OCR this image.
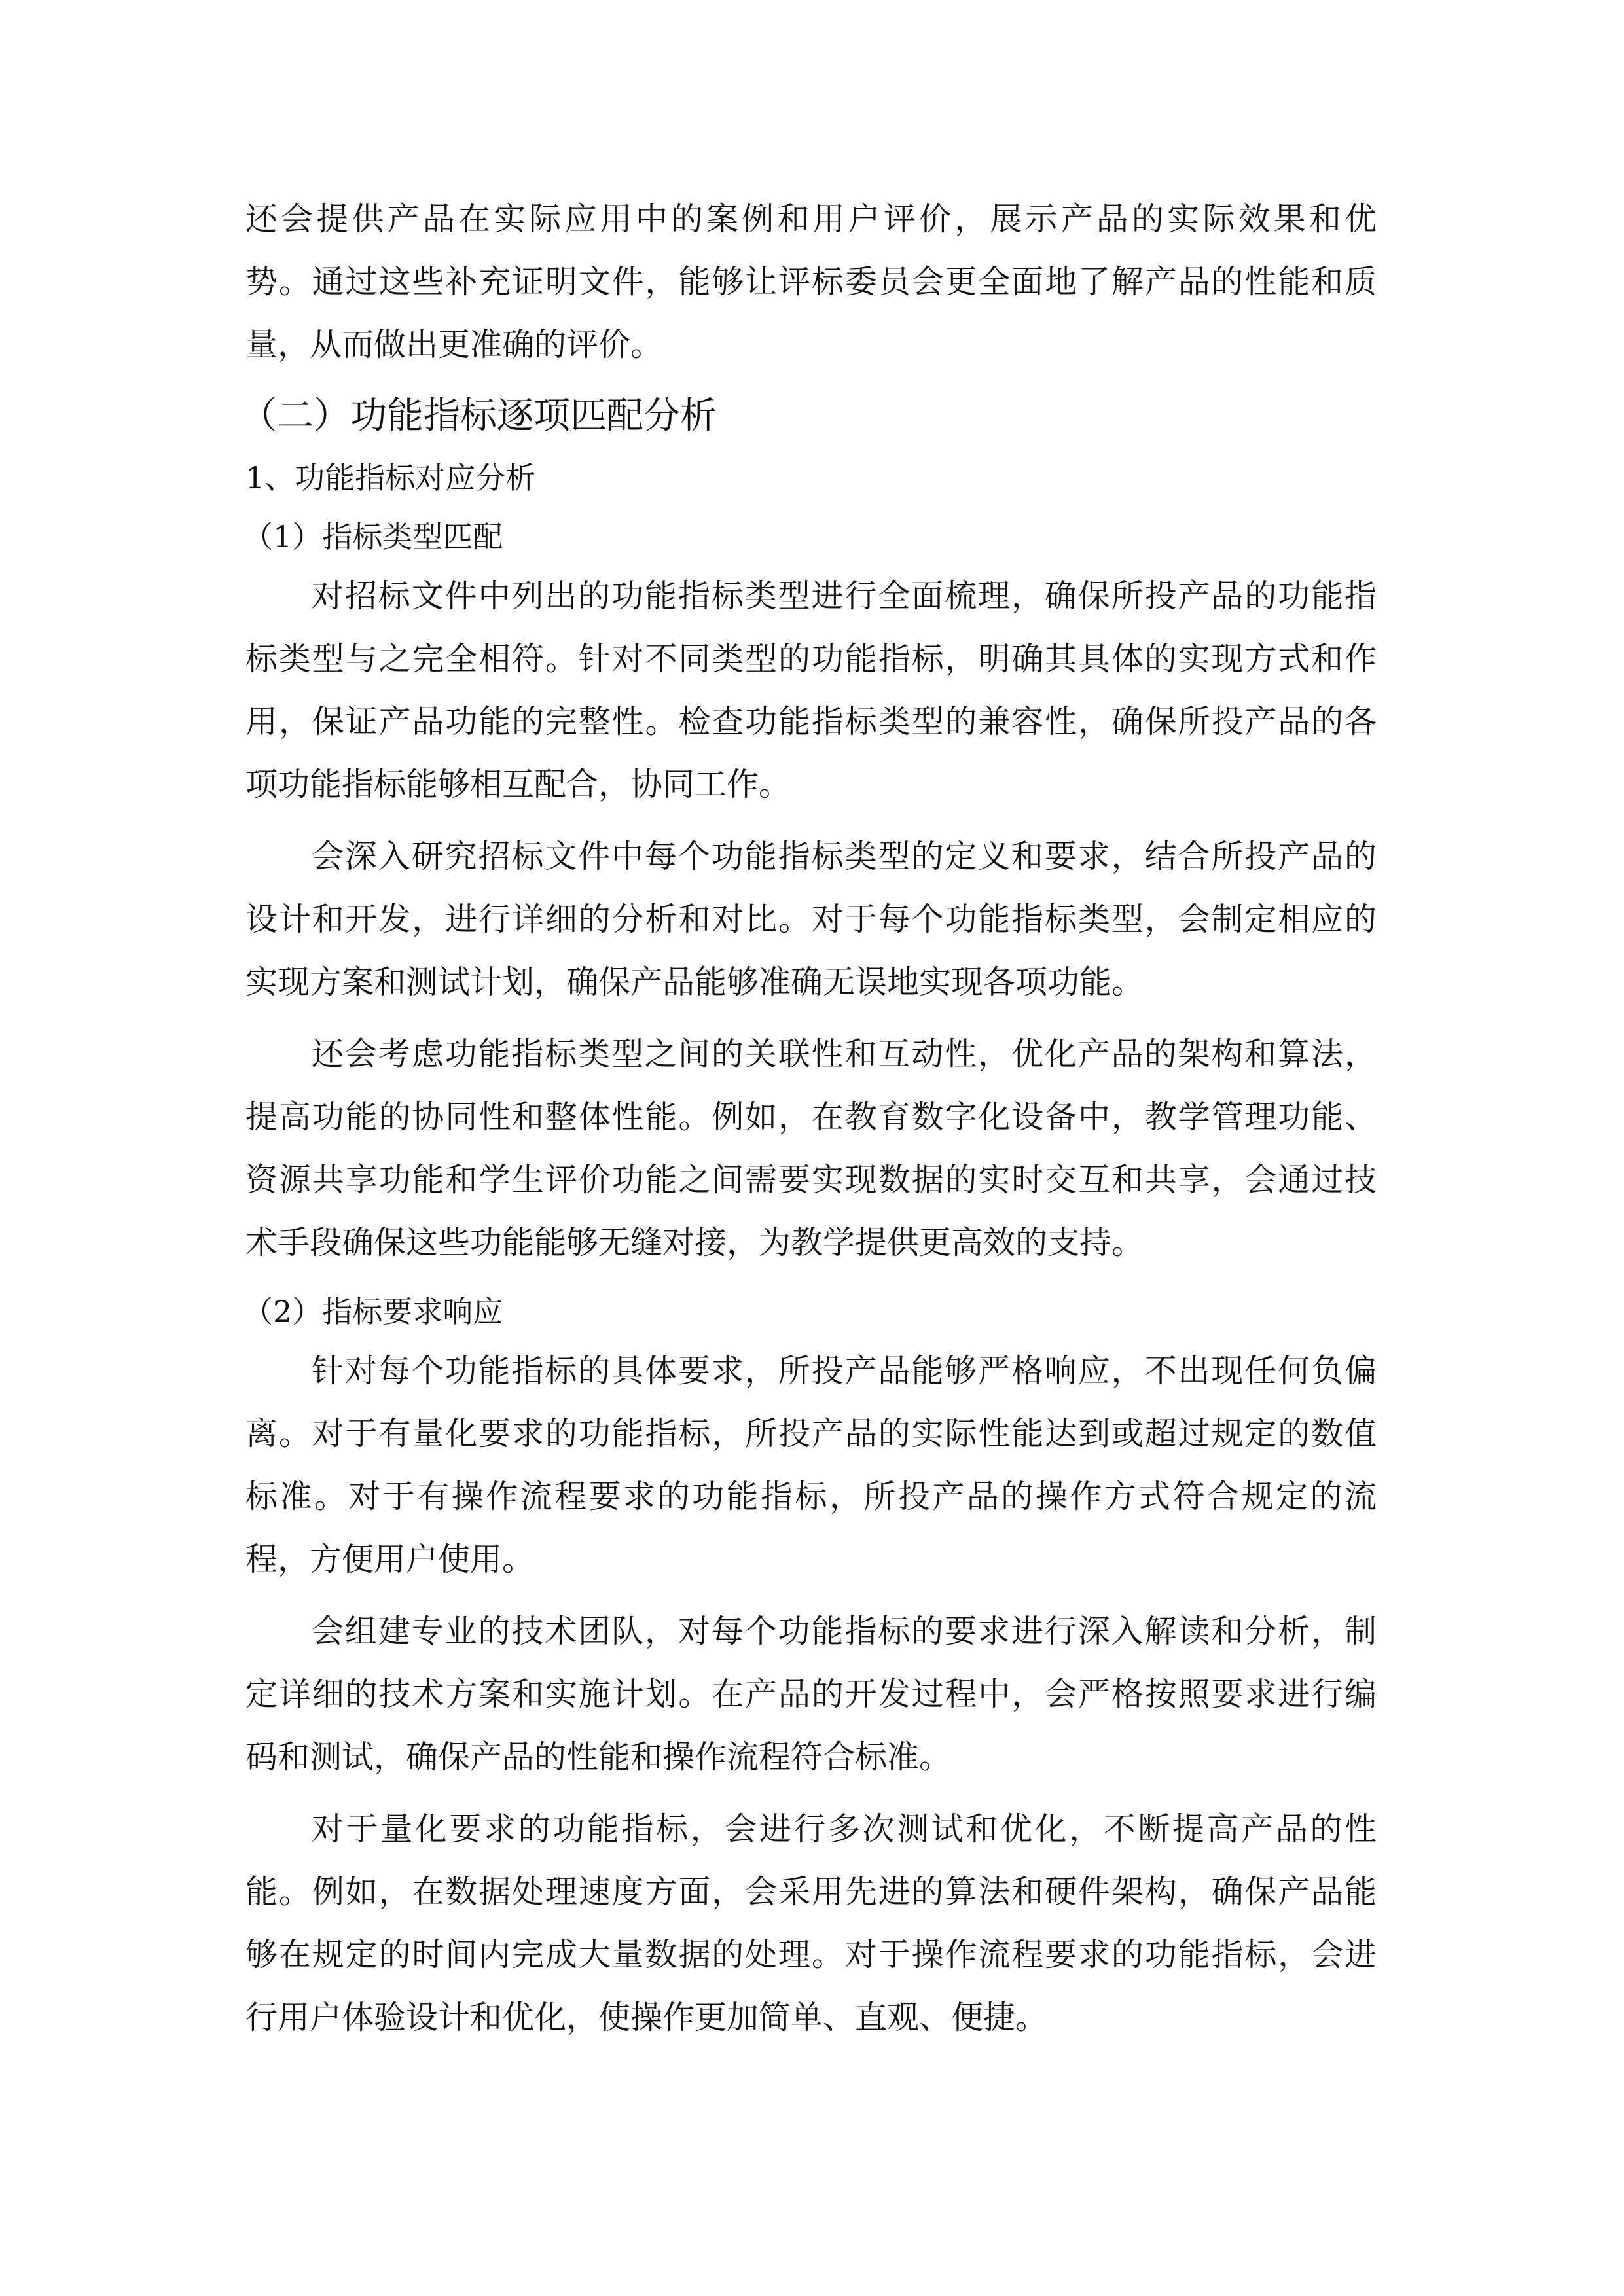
还会提供产品在实际应用中的案例和用户评价，展示产品的实际效果和优
势。通过这些补充证明文件，能够让评标委员会更全面地了解产品的性能和质
量，从而做出更准确的评价。
（二）功能指标逐项匹配分析
1、功能指标对应分析
（1）指标类型匹配
对招标文件中列出的功能指标类型进行全面梳理，确保所投产品的功能指
标类型与之完全相符。针对不同类型的功能指标，明确其具体的实现方式和作
用，保证产品功能的完整性。检查功能指标类型的兼容性，确保所投产品的各
项功能指标能够相互配合，协同工作。
会深入研究招标文件中每个功能指标类型的定义和要求，结合所投产品的
设计和开发，进行详细的分析和对比。对于每个功能指标类型，会制定相应的
实现方案和测试计划，确保产品能够准确无误地实现各项功能。
还会考虑功能指标类型之间的关联性和互动性，优化产品的架构和算法，
提高功能的协同性和整体性能。例如，在教育数字化设备中，教学管理功能、
资源共享功能和学生评价功能之间需要实现数据的实时交互和共享，会通过技
术手段确保这些功能能够无缝对接，为教学提供更高效的支持。
（2）指标要求响应
针对每个功能指标的具体要求，所投产品能够严格响应，不出现任何负偏
离。对于有量化要求的功能指标，所投产品的实际性能达到或超过规定的数值
标准。对于有操作流程要求的功能指标，所投产品的操作方式符合规定的流
程，方便用户使用。
会组建专业的技术团队，对每个功能指标的要求进行深入解读和分析，制
定详细的技术方案和实施计划。在产品的开发过程中，会严格按照要求进行编
码和测试，确保产品的性能和操作流程符合标准。
对于量化要求的功能指标，会进行多次测试和优化，不断提高产品的性
能。例如，在数据处理速度方面，会采用先进的算法和硬件架构，确保产品能
够在规定的时间内完成大量数据的处理。对于操作流程要求的功能指标，会进
行用户体验设计和优化，使操作更加简单、直观、便捷。
